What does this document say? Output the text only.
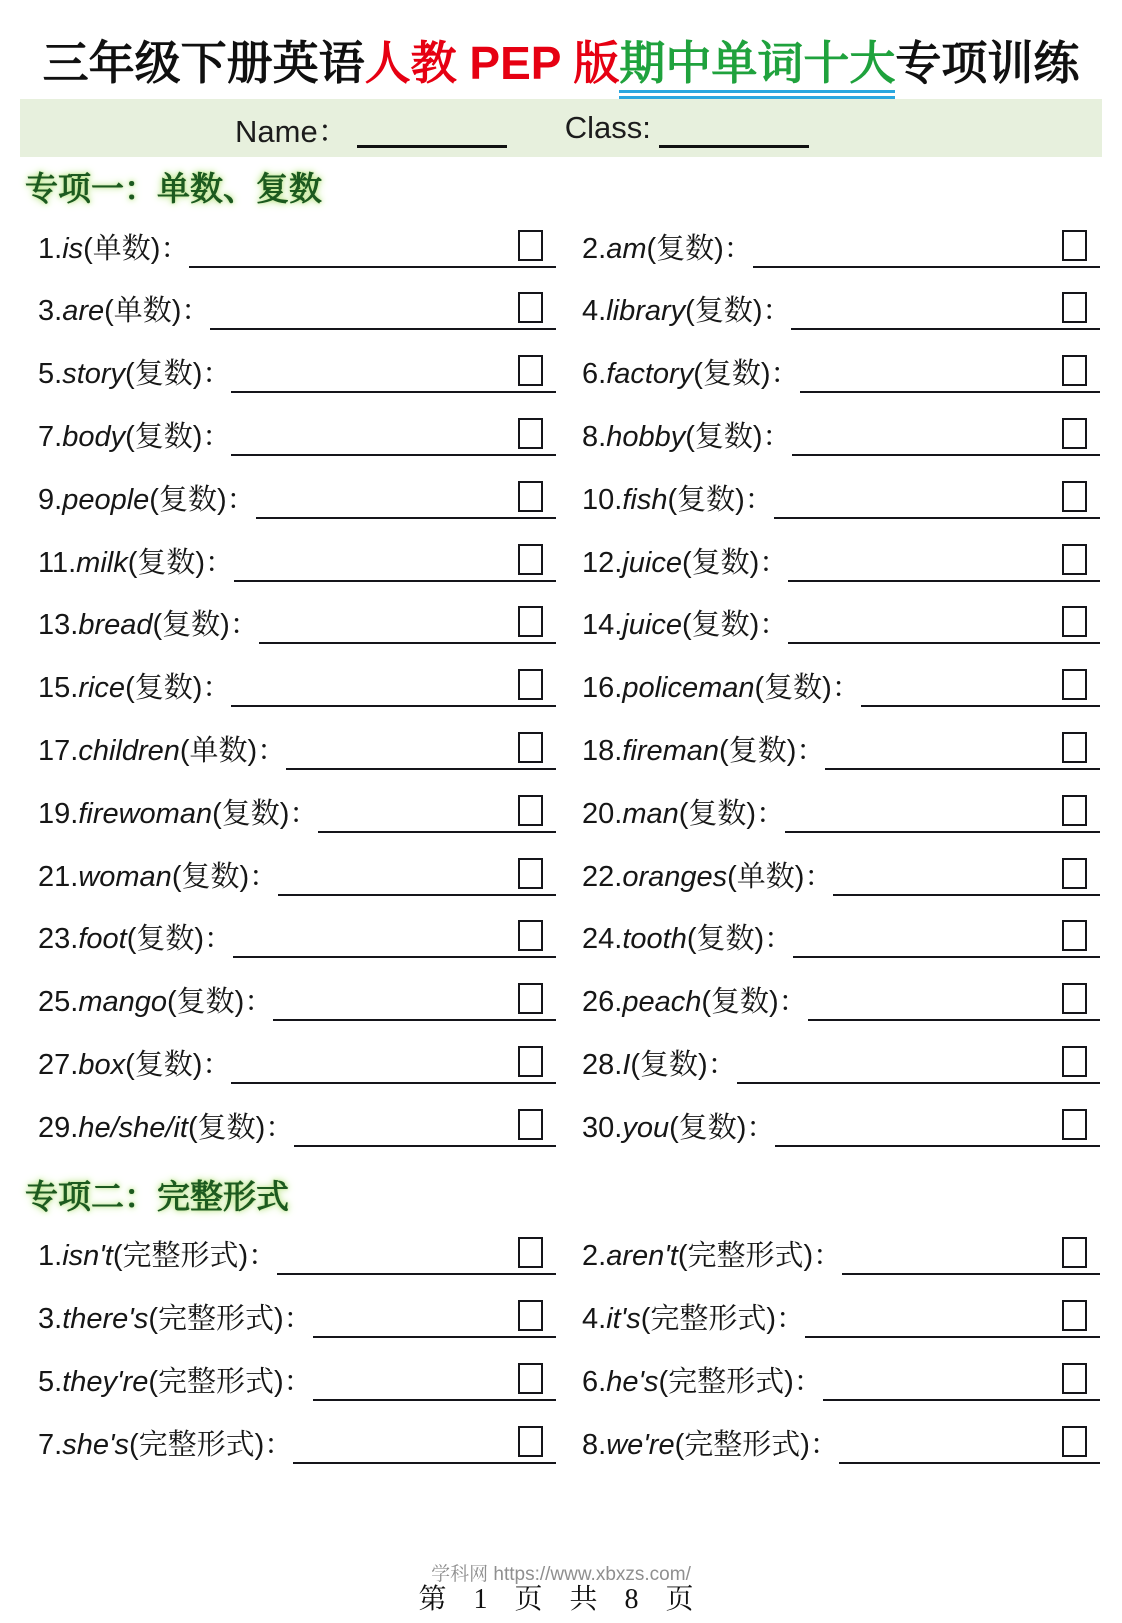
三年级下册英语人教 PEP 版期中单词十大专项训练
Name：	Class:
专项一：单数、复数
1.is(单数)：	2.am(复数)：
3.are(单数)：	4.library(复数)：
5.story(复数)：	6.factory(复数)：
7.body(复数)：	8.hobby(复数)：
9.people(复数)：	10.fish(复数)：
11.milk(复数)：	12.juice(复数)：
13.bread(复数)：	14.juice(复数)：
15.rice(复数)：	16.policeman(复数)：
17.children(单数)：	18.fireman(复数)：
19.firewoman(复数)：	20.man(复数)：
21.woman(复数)：	22.oranges(单数)：
23.foot(复数)：	24.tooth(复数)：
25.mango(复数)：	26.peach(复数)：
27.box(复数)：	28.I(复数)：
29.he/she/it(复数)：	30.you(复数)：
专项二：完整形式
1.isn't(完整形式)：	2.aren't(完整形式)：
3.there's(完整形式)：	4.it's(完整形式)：
5.they're(完整形式)：	6.he's(完整形式)：
7.she's(完整形式)：	8.we're(完整形式)：
学科网 https://www.xbxzs.com/
第 1 页 共 8 页
